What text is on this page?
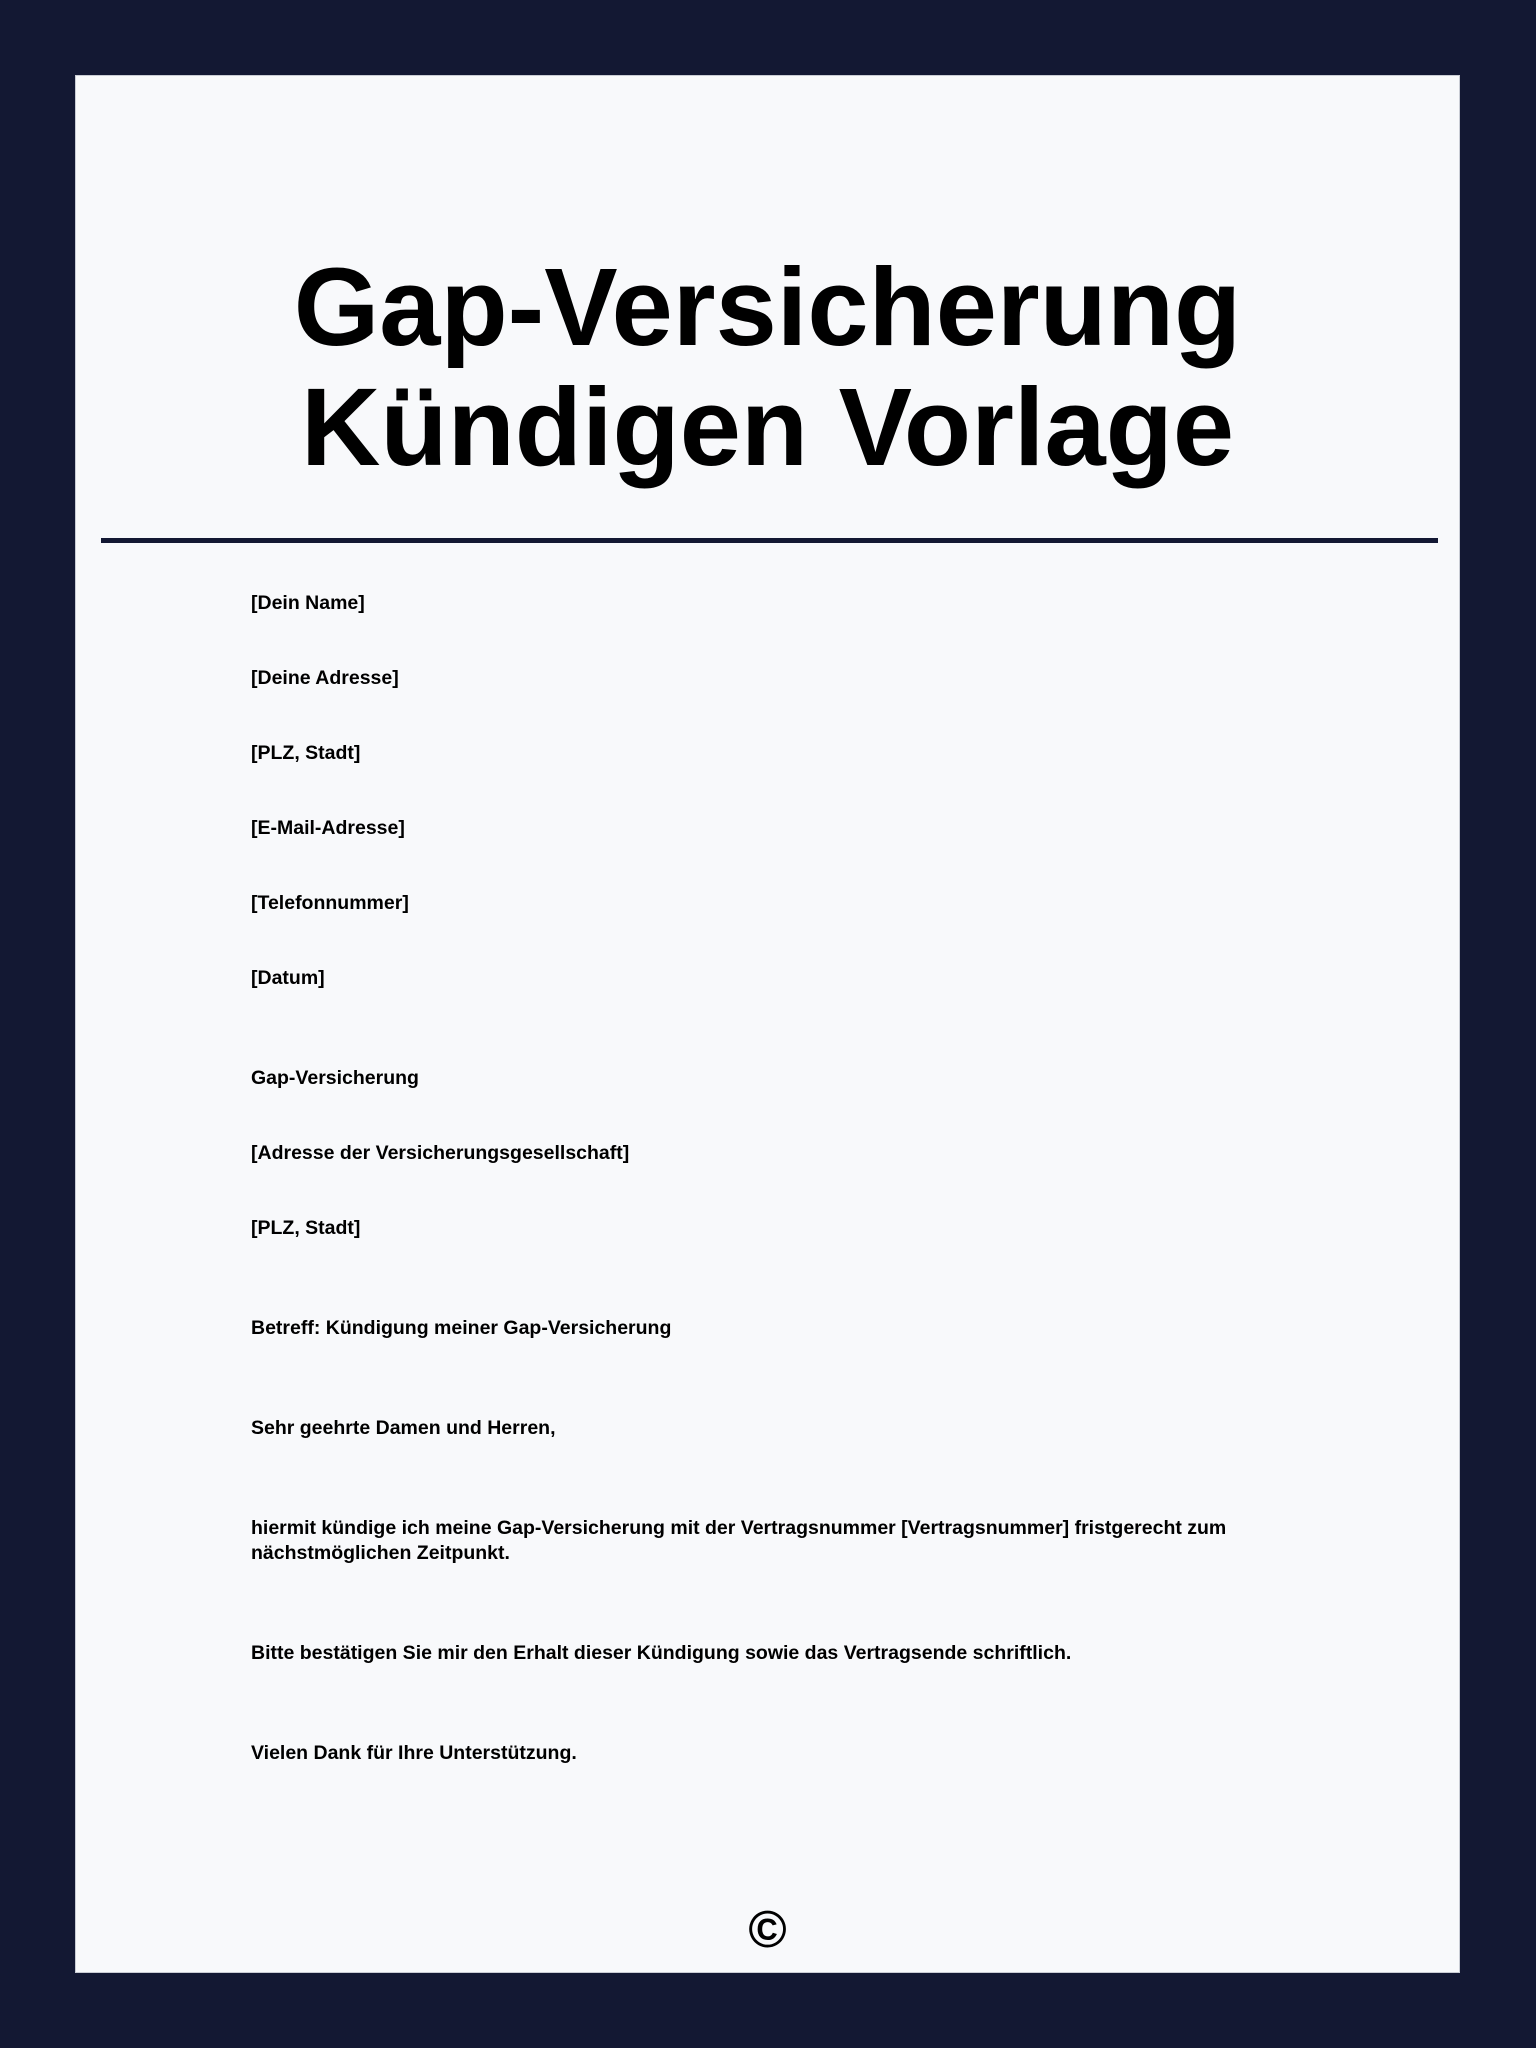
Gap-Versicherung Kündigen Vorlage

[Dein Name]

[Deine Adresse]

[PLZ, Stadt]

[E-Mail-Adresse]

[Telefonnummer]

[Datum]

Gap-Versicherung

[Adresse der Versicherungsgesellschaft]

[PLZ, Stadt]

Betreff: Kündigung meiner Gap-Versicherung

Sehr geehrte Damen und Herren,

hiermit kündige ich meine Gap-Versicherung mit der Vertragsnummer [Vertragsnummer] fristgerecht zum nächstmöglichen Zeitpunkt.

Bitte bestätigen Sie mir den Erhalt dieser Kündigung sowie das Vertragsende schriftlich.

Vielen Dank für Ihre Unterstützung.

©
